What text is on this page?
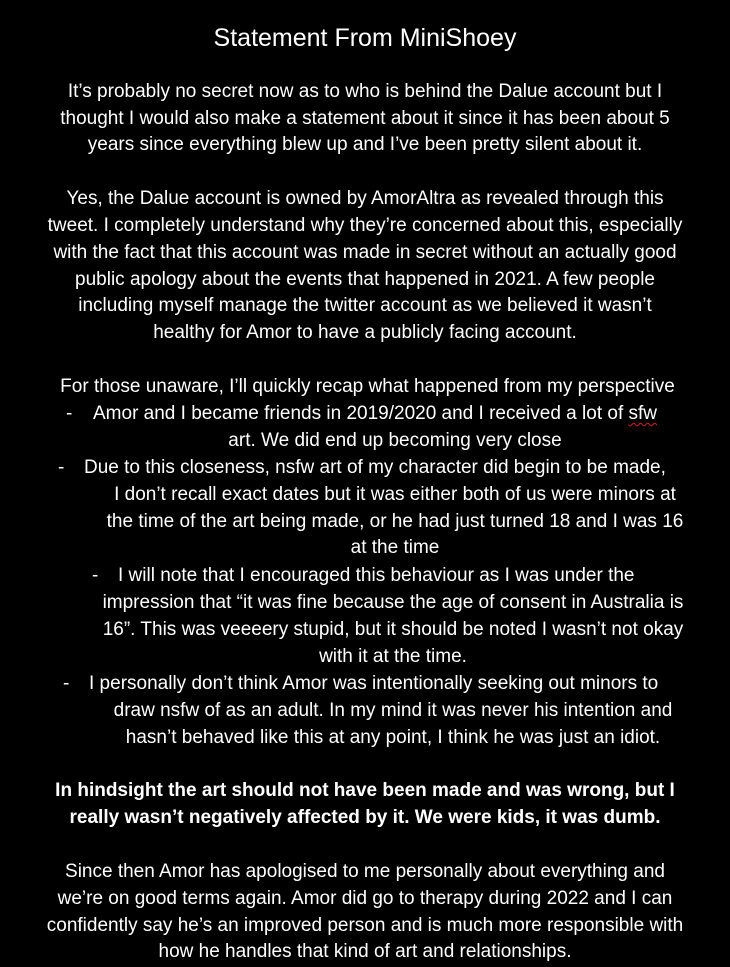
Statement From MiniShoey

It’s probably no secret now as to who is behind the Dalue account but I

thought I would also make a statement about it since it has been about 5

years since everything blew up and I’ve been pretty silent about it.

Yes, the Dalue account is owned by AmorAltra as revealed through this

tweet. I completely understand why they’re concerned about this, especially

with the fact that this account was made in secret without an actually good

public apology about the events that happened in 2021. A few people

including myself manage the twitter account as we believed it wasn’t

healthy for Amor to have a publicly facing account.

For those unaware, I’ll quickly recap what happened from my perspective

- Amor and I became friends in 2019/2020 and I received a lot of sfw

art. We did end up becoming very close

- Due to this closeness, nsfw art of my character did begin to be made,

I don’t recall exact dates but it was either both of us were minors at

the time of the art being made, or he had just turned 18 and I was 16

at the time

- I will note that I encouraged this behaviour as I was under the

impression that “it was fine because the age of consent in Australia is

16”. This was veeeery stupid, but it should be noted I wasn’t not okay

with it at the time.

- I personally don’t think Amor was intentionally seeking out minors to

draw nsfw of as an adult. In my mind it was never his intention and

hasn’t behaved like this at any point, I think he was just an idiot.

In hindsight the art should not have been made and was wrong, but I

really wasn’t negatively affected by it. We were kids, it was dumb.

Since then Amor has apologised to me personally about everything and

we’re on good terms again. Amor did go to therapy during 2022 and I can

confidently say he’s an improved person and is much more responsible with

how he handles that kind of art and relationships.
